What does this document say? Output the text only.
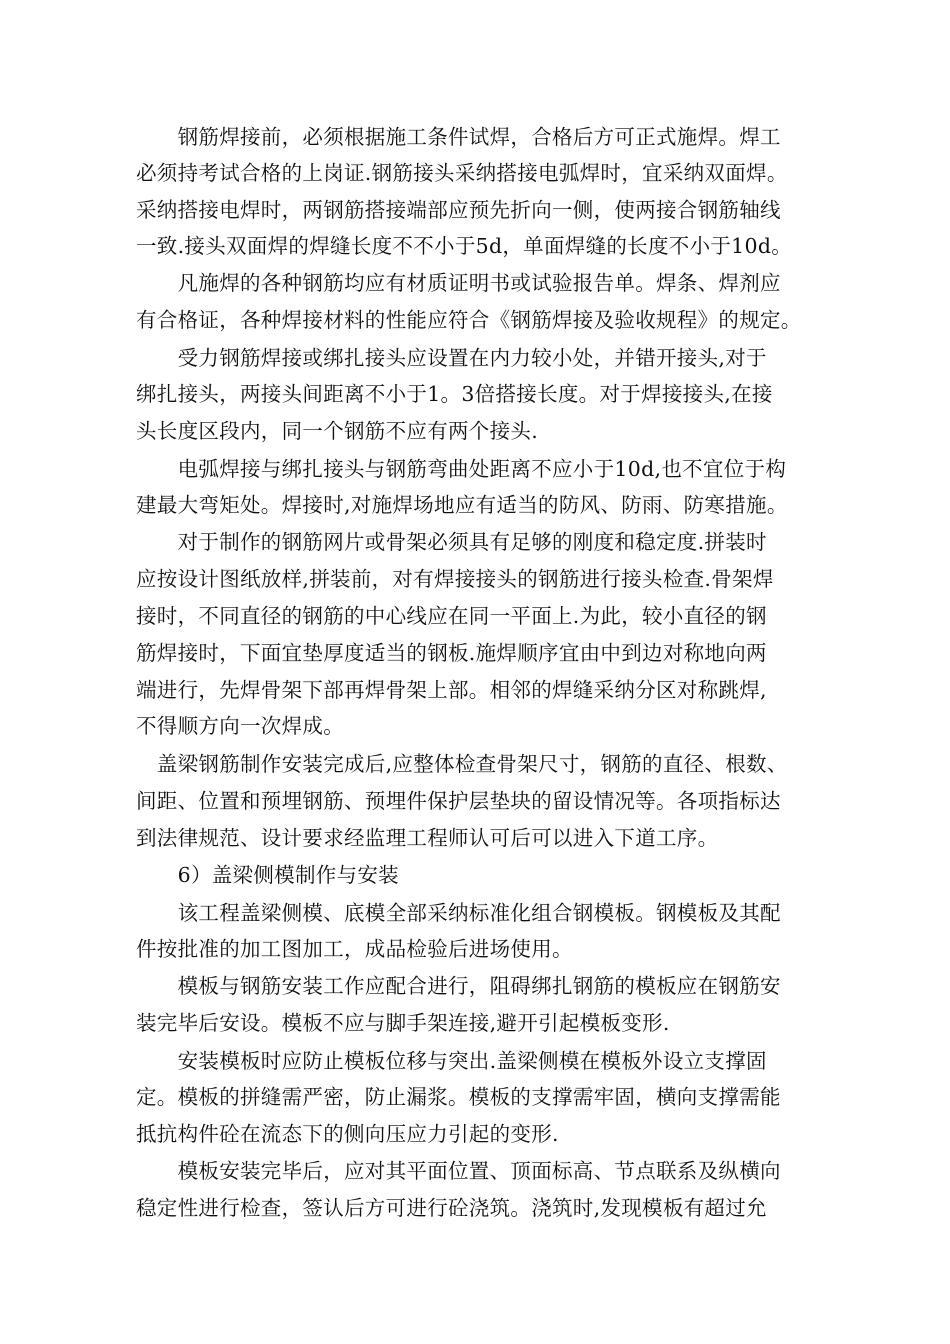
　　钢筋焊接前，必须根据施工条件试焊，合格后方可正式施焊。焊工
必须持考试合格的上岗证.钢筋接头采纳搭接电弧焊时，宜采纳双面焊。
采纳搭接电焊时，两钢筋搭接端部应预先折向一侧，使两接合钢筋轴线
一致.接头双面焊的焊缝长度不不小于5d，单面焊缝的长度不小于10d。
　　凡施焊的各种钢筋均应有材质证明书或试验报告单。焊条、焊剂应
有合格证，各种焊接材料的性能应符合《钢筋焊接及验收规程》的规定。
　　受力钢筋焊接或绑扎接头应设置在内力较小处，并错开接头,对于
绑扎接头，两接头间距离不小于1。3倍搭接长度。对于焊接接头,在接
头长度区段内，同一个钢筋不应有两个接头.
　　电弧焊接与绑扎接头与钢筋弯曲处距离不应小于10d,也不宜位于构
建最大弯矩处。焊接时,对施焊场地应有适当的防风、防雨、防寒措施。
　　对于制作的钢筋网片或骨架必须具有足够的刚度和稳定度.拼装时
应按设计图纸放样,拼装前，对有焊接接头的钢筋进行接头检查.骨架焊
接时，不同直径的钢筋的中心线应在同一平面上.为此，较小直径的钢
筋焊接时，下面宜垫厚度适当的钢板.施焊顺序宜由中到边对称地向两
端进行，先焊骨架下部再焊骨架上部。相邻的焊缝采纳分区对称跳焊,
不得顺方向一次焊成。
　盖梁钢筋制作安装完成后,应整体检查骨架尺寸，钢筋的直径、根数、
间距、位置和预埋钢筋、预埋件保护层垫块的留设情况等。各项指标达
到法律规范、设计要求经监理工程师认可后可以进入下道工序。
　　6）盖梁侧模制作与安装
　　该工程盖梁侧模、底模全部采纳标准化组合钢模板。钢模板及其配
件按批准的加工图加工，成品检验后进场使用。
　　模板与钢筋安装工作应配合进行，阻碍绑扎钢筋的模板应在钢筋安
装完毕后安设。模板不应与脚手架连接,避开引起模板变形.
　　安装模板时应防止模板位移与突出.盖梁侧模在模板外设立支撑固
定。模板的拼缝需严密，防止漏浆。模板的支撑需牢固，横向支撑需能
抵抗构件砼在流态下的侧向压应力引起的变形.
　　模板安装完毕后，应对其平面位置、顶面标高、节点联系及纵横向
稳定性进行检查，签认后方可进行砼浇筑。浇筑时,发现模板有超过允
